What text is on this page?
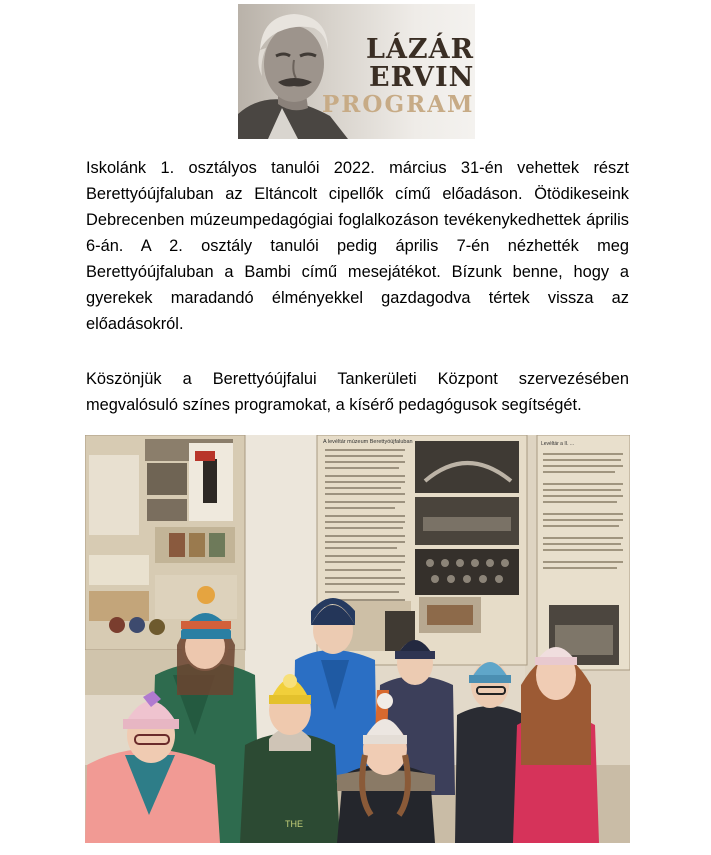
LÁZÁR
ERVIN
PROGRAM

Iskolánk 1. osztályos tanulói 2022. március 31-én vehettek részt Berettyóújfaluban az Eltáncolt cipellők című előadáson. Ötödikeseink Debrecenben múzeumpedagógiai foglalkozáson tevékenykedhettek április 6-án. A 2. osztály tanulói pedig április 7-én nézhették meg Berettyóújfaluban a Bambi című mesejátékot. Bízunk benne, hogy a gyerekek maradandó élményekkel gazdagodva tértek vissza az előadásokról.

Köszönjük a Berettyóújfalui Tankerületi Központ szervezésében megvalósuló színes programokat, a kísérő pedagógusok segítségét.

A levéltár múzeum Berettyóújfaluban	Levéltár a II. ...
THE
